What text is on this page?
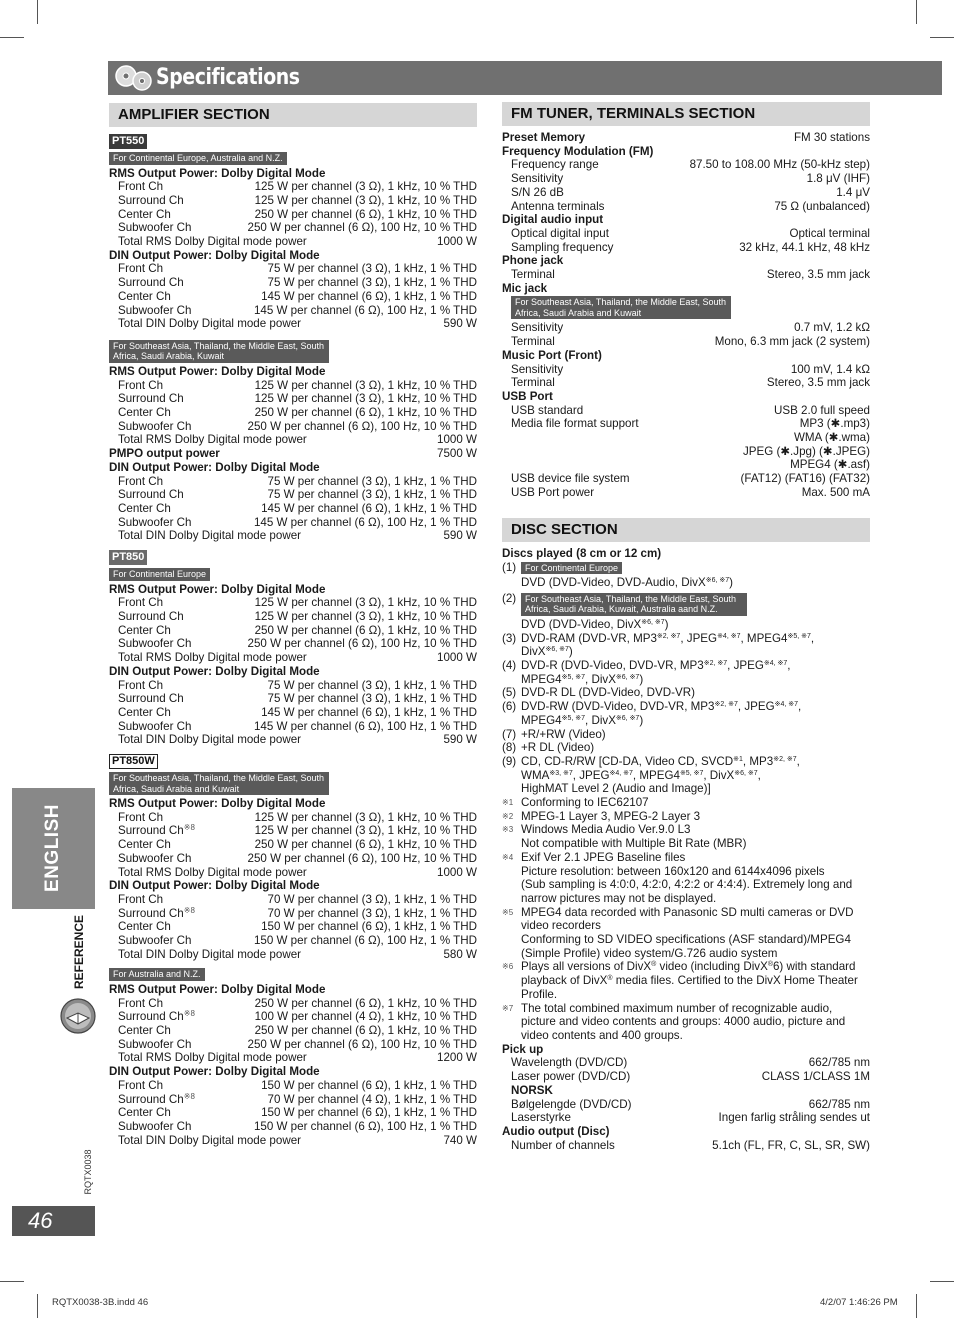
Specifications
ENGLISH
REFERENCE
RQTX0038
46
AMPLIFIER SECTION
PT550
For Continental Europe, Australia and N.Z.
RMS Output Power: Dolby Digital Mode
Front Ch	125 W per channel (3 Ω), 1 kHz, 10 % THD
Surround Ch	125 W per channel (3 Ω), 1 kHz, 10 % THD
Center Ch	250 W per channel (6 Ω), 1 kHz, 10 % THD
Subwoofer Ch	250 W per channel (6 Ω), 100 Hz, 10 % THD
Total RMS Dolby Digital mode power	1000 W
DIN Output Power: Dolby Digital Mode
Front Ch	75 W per channel (3 Ω), 1 kHz, 1 % THD
Surround Ch	75 W per channel (3 Ω), 1 kHz, 1 % THD
Center Ch	145 W per channel (6 Ω), 1 kHz, 1 % THD
Subwoofer Ch	145 W per channel (6 Ω), 100 Hz, 1 % THD
Total DIN Dolby Digital mode power	590 W
For Southeast Asia, Thailand, the Middle East, South Africa, Saudi Arabia, Kuwait
RMS Output Power: Dolby Digital Mode
Front Ch	125 W per channel (3 Ω), 1 kHz, 10 % THD
Surround Ch	125 W per channel (3 Ω), 1 kHz, 10 % THD
Center Ch	250 W per channel (6 Ω), 1 kHz, 10 % THD
Subwoofer Ch	250 W per channel (6 Ω), 100 Hz, 10 % THD
Total RMS Dolby Digital mode power	1000 W
PMPO output power	7500 W
DIN Output Power: Dolby Digital Mode
Front Ch	75 W per channel (3 Ω), 1 kHz, 1 % THD
Surround Ch	75 W per channel (3 Ω), 1 kHz, 1 % THD
Center Ch	145 W per channel (6 Ω), 1 kHz, 1 % THD
Subwoofer Ch	145 W per channel (6 Ω), 100 Hz, 1 % THD
Total DIN Dolby Digital mode power	590 W
PT850
For Continental Europe
RMS Output Power: Dolby Digital Mode
Front Ch	125 W per channel (3 Ω), 1 kHz, 10 % THD
Surround Ch	125 W per channel (3 Ω), 1 kHz, 10 % THD
Center Ch	250 W per channel (6 Ω), 1 kHz, 10 % THD
Subwoofer Ch	250 W per channel (6 Ω), 100 Hz, 10 % THD
Total RMS Dolby Digital mode power	1000 W
DIN Output Power: Dolby Digital Mode
Front Ch	75 W per channel (3 Ω), 1 kHz, 1 % THD
Surround Ch	75 W per channel (3 Ω), 1 kHz, 1 % THD
Center Ch	145 W per channel (6 Ω), 1 kHz, 1 % THD
Subwoofer Ch	145 W per channel (6 Ω), 100 Hz, 1 % THD
Total DIN Dolby Digital mode power	590 W
PT850W
For Southeast Asia, Thailand, the Middle East, South Africa, Saudi Arabia and Kuwait
RMS Output Power: Dolby Digital Mode
Front Ch	125 W per channel (3 Ω), 1 kHz, 10 % THD
Surround Ch$^{※8}$	125 W per channel (3 Ω), 1 kHz, 10 % THD
Center Ch	250 W per channel (6 Ω), 1 kHz, 10 % THD
Subwoofer Ch	250 W per channel (6 Ω), 100 Hz, 10 % THD
Total RMS Dolby Digital mode power	1000 W
DIN Output Power: Dolby Digital Mode
Front Ch	70 W per channel (3 Ω), 1 kHz, 1 % THD
Surround Ch$^{※8}$	70 W per channel (3 Ω), 1 kHz, 1 % THD
Center Ch	150 W per channel (6 Ω), 1 kHz, 1 % THD
Subwoofer Ch	150 W per channel (6 Ω), 100 Hz, 1 % THD
Total DIN Dolby Digital mode power	580 W
For Australia and N.Z.
RMS Output Power: Dolby Digital Mode
Front Ch	250 W per channel (6 Ω), 1 kHz, 10 % THD
Surround Ch$^{※8}$	100 W per channel (4 Ω), 1 kHz, 10 % THD
Center Ch	250 W per channel (6 Ω), 1 kHz, 10 % THD
Subwoofer Ch	250 W per channel (6 Ω), 100 Hz, 10 % THD
Total RMS Dolby Digital mode power	1200 W
DIN Output Power: Dolby Digital Mode
Front Ch	150 W per channel (6 Ω), 1 kHz, 1 % THD
Surround Ch$^{※8}$	70 W per channel (4 Ω), 1 kHz, 1 % THD
Center Ch	150 W per channel (6 Ω), 1 kHz, 1 % THD
Subwoofer Ch	150 W per channel (6 Ω), 100 Hz, 1 % THD
Total DIN Dolby Digital mode power	740 W
FM TUNER, TERMINALS SECTION
Preset Memory	FM 30 stations
Frequency Modulation (FM)
Frequency range	87.50 to 108.00 MHz (50-kHz step)
Sensitivity	1.8 μV (IHF)
S/N 26 dB	1.4 μV
Antenna terminals	75 Ω (unbalanced)
Digital audio input
Optical digital input	Optical terminal
Sampling frequency	32 kHz, 44.1 kHz, 48 kHz
Phone jack
Terminal	Stereo, 3.5 mm jack
Mic jack
For Southeast Asia, Thailand, the Middle East, South Africa, Saudi Arabia and Kuwait
Sensitivity	0.7 mV, 1.2 kΩ
Terminal	Mono, 6.3 mm jack (2 system)
Music Port (Front)
Sensitivity	100 mV, 1.4 kΩ
Terminal	Stereo, 3.5 mm jack
USB Port
USB standard	USB 2.0 full speed
Media file format support	MP3 (✱.mp3)
WMA (✱.wma)
JPEG (✱.Jpg) (✱.JPEG)
MPEG4 (✱.asf)
USB device file system	(FAT12) (FAT16) (FAT32)
USB Port power	Max. 500 mA
DISC SECTION
Discs played (8 cm or 12 cm)
(1) For Continental Europe
DVD (DVD-Video, DVD-Audio, DivX$^{※6, ※7}$)
(2) For Southeast Asia, Thailand, the Middle East, South Africa, Saudi Arabia, Kuwait, Australia aand N.Z.
DVD (DVD-Video, DivX$^{※6, ※7}$)
(3) DVD-RAM (DVD-VR, $MP3^{※2, ※7}$, $JPEG^{※4, ※7}$, $MPEG4^{※5, ※7}$,
DivX$^{※6, ※7}$)
(4) DVD-R (DVD-Video, DVD-VR, $MP3^{※2, ※7}$, $JPEG^{※4, ※7}$,
$MPEG4^{※5, ※7}$, DivX$^{※6, ※7}$)
(5) DVD-R DL (DVD-Video, DVD-VR)
(6) DVD-RW (DVD-Video, DVD-VR, $MP3^{※2, ※7}$, $JPEG^{※4, ※7}$,
$MPEG4^{※5, ※7}$, DivX$^{※6, ※7}$)
(7) +R/+RW (Video)
(8) +R DL (Video)
(9) CD, CD-R/RW [CD-DA, Video CD, SVCD$^{※1}$, $MP3^{※2, ※7}$,
$WMA^{※3, ※7}$, $JPEG^{※4, ※7}$, $MPEG4^{※5, ※7}$, DivX$^{※6, ※7}$,
HighMAT Level 2 (Audio and Image)]
※1 Conforming to IEC62107
※2 MPEG-1 Layer 3, MPEG-2 Layer 3
※3 Windows Media Audio Ver.9.0 L3
Not compatible with Multiple Bit Rate (MBR)
※4 Exif Ver 2.1 JPEG Baseline files
Picture resolution: between 160x120 and 6144x4096 pixels
(Sub sampling is 4:0:0, 4:2:0, 4:2:2 or 4:4:4). Extremely long and narrow pictures may not be displayed.
※5 MPEG4 data recorded with Panasonic SD multi cameras or DVD video recorders
Conforming to SD VIDEO specifications (ASF standard)/MPEG4 (Simple Profile) video system/G.726 audio system
※6 Plays all versions of DivX® video (including DivX®6) with standard playback of DivX® media files. Certified to the DivX Home Theater Profile.
※7 The total combined maximum number of recognizable audio, picture and video contents and groups: 4000 audio, picture and video contents and 400 groups.
Pick up
Wavelength (DVD/CD)	662/785 nm
Laser power (DVD/CD)	CLASS 1/CLASS 1M
NORSK
Bølgelengde (DVD/CD)	662/785 nm
Laserstyrke	Ingen farlig stråling sendes ut
Audio output (Disc)
Number of channels	5.1ch (FL, FR, C, SL, SR, SW)
RQTX0038-3B.indd 46	4/2/07 1:46:26 PM
